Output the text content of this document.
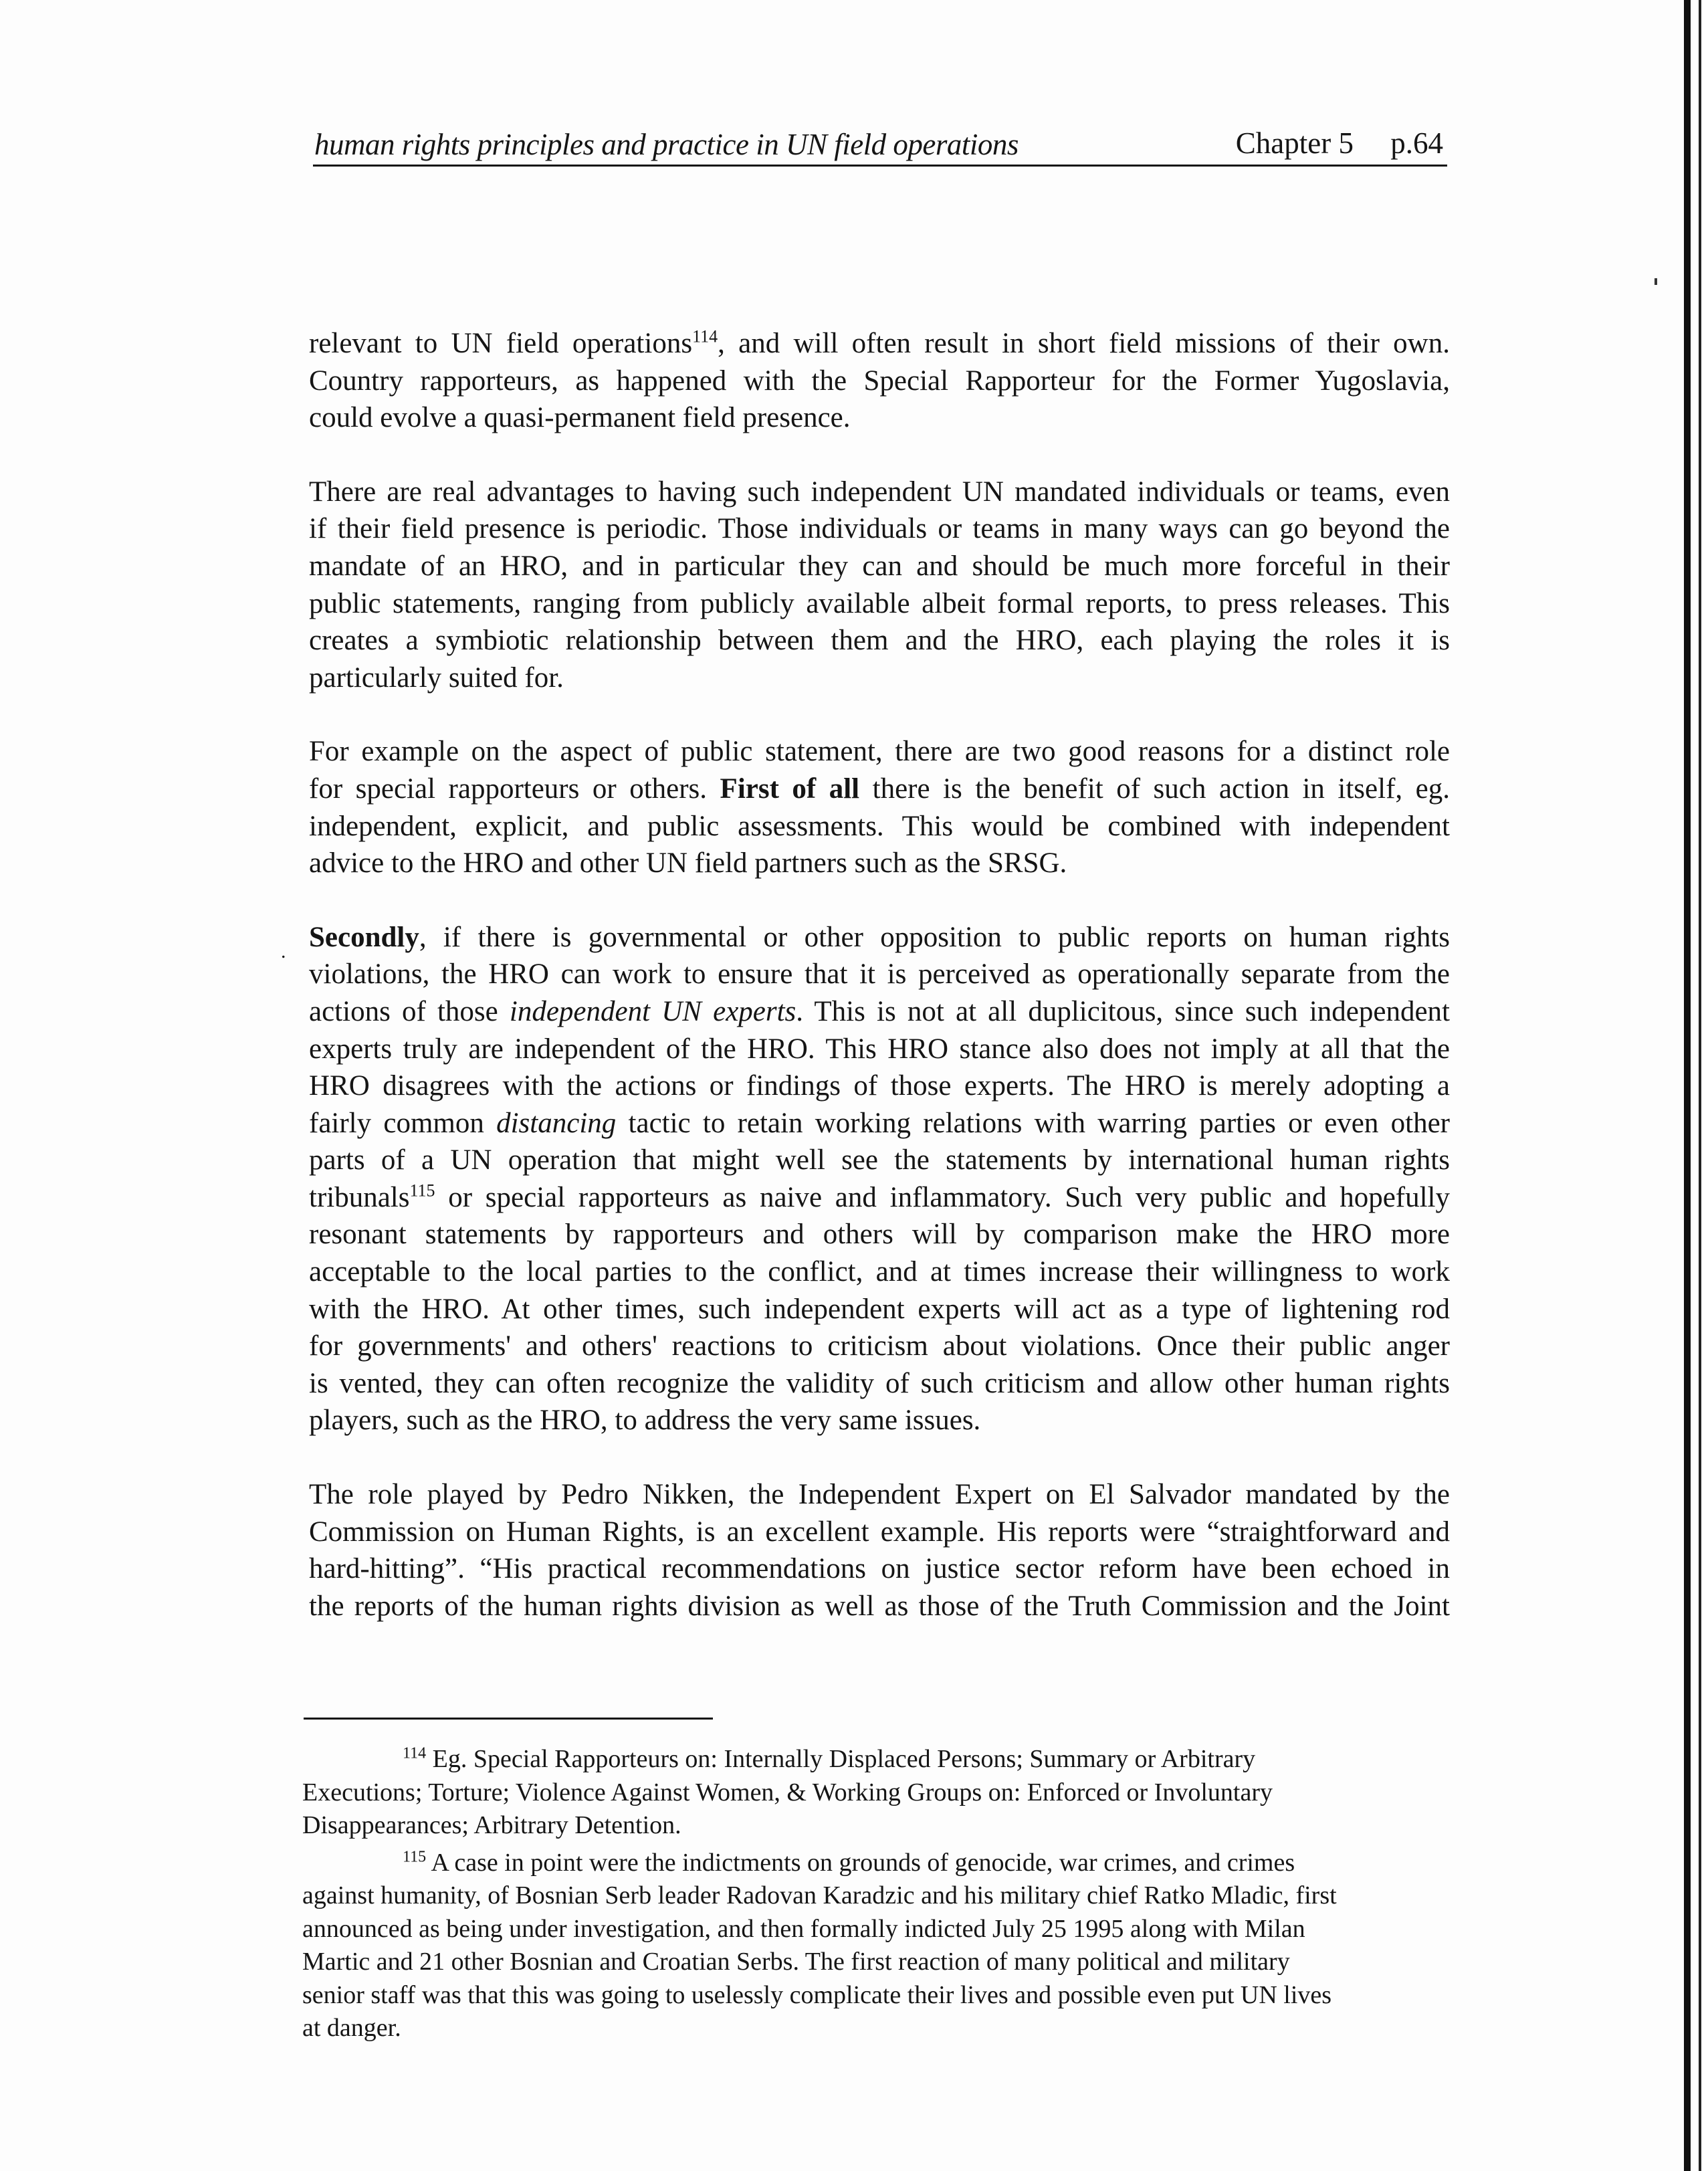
human rights principles and practice in UN field operations	Chapter 5 p.64
.
relevant to UN field operations$^{114}$, and will often result in short field missions of their own.
Country rapporteurs, as happened with the Special Rapporteur for the Former Yugoslavia,
could evolve a quasi-permanent field presence.
There are real advantages to having such independent UN mandated individuals or teams, even
if their field presence is periodic. Those individuals or teams in many ways can go beyond the
mandate of an HRO, and in particular they can and should be much more forceful in their
public statements, ranging from publicly available albeit formal reports, to press releases. This
creates a symbiotic relationship between them and the HRO, each playing the roles it is
particularly suited for.
For example on the aspect of public statement, there are two good reasons for a distinct role
for special rapporteurs or others. First of all there is the benefit of such action in itself, eg.
independent, explicit, and public assessments. This would be combined with independent
advice to the HRO and other UN field partners such as the SRSG.
Secondly, if there is governmental or other opposition to public reports on human rights
violations, the HRO can work to ensure that it is perceived as operationally separate from the
actions of those independent UN experts. This is not at all duplicitous, since such independent
experts truly are independent of the HRO. This HRO stance also does not imply at all that the
HRO disagrees with the actions or findings of those experts. The HRO is merely adopting a
fairly common distancing tactic to retain working relations with warring parties or even other
parts of a UN operation that might well see the statements by international human rights
tribunals$^{115}$ or special rapporteurs as naive and inflammatory. Such very public and hopefully
resonant statements by rapporteurs and others will by comparison make the HRO more
acceptable to the local parties to the conflict, and at times increase their willingness to work
with the HRO. At other times, such independent experts will act as a type of lightening rod
for governments' and others' reactions to criticism about violations. Once their public anger
is vented, they can often recognize the validity of such criticism and allow other human rights
players, such as the HRO, to address the very same issues.
The role played by Pedro Nikken, the Independent Expert on El Salvador mandated by the
Commission on Human Rights, is an excellent example. His reports were “straightforward and
hard-hitting”. “His practical recommendations on justice sector reform have been echoed in
the reports of the human rights division as well as those of the Truth Commission and the Joint
$^{114}$ Eg. Special Rapporteurs on: Internally Displaced Persons; Summary or Arbitrary
Executions; Torture; Violence Against Women, & Working Groups on: Enforced or Involuntary
Disappearances; Arbitrary Detention.
$^{115}$ A case in point were the indictments on grounds of genocide, war crimes, and crimes
against humanity, of Bosnian Serb leader Radovan Karadzic and his military chief Ratko Mladic, first
announced as being under investigation, and then formally indicted July 25 1995 along with Milan
Martic and 21 other Bosnian and Croatian Serbs. The first reaction of many political and military
senior staff was that this was going to uselessly complicate their lives and possible even put UN lives
at danger.
